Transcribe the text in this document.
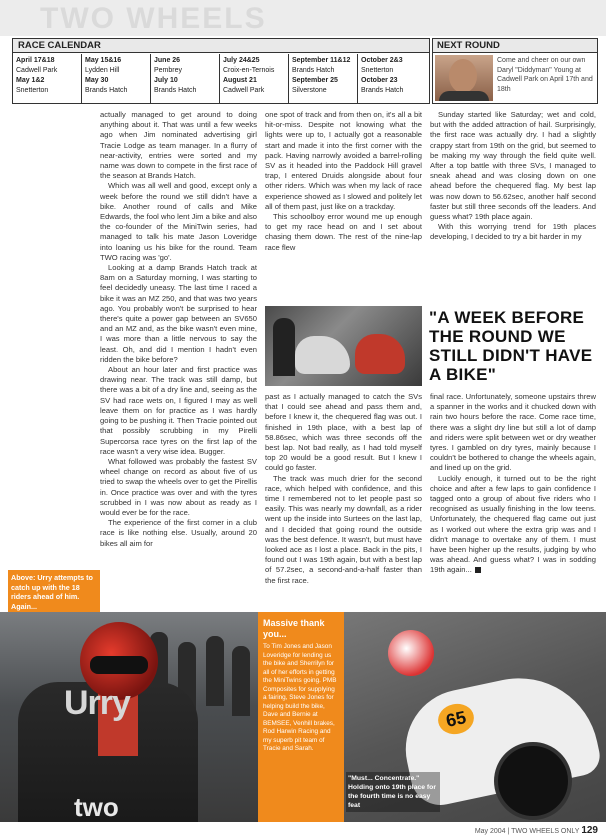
TWO WHEELS
RACE CALENDAR
April 17&18
Cadwell Park
May 1&2
Snetterton
May 15&16
Lydden Hill
May 30
Brands Hatch
June 26
Pembrey
July 10
Brands Hatch
July 24&25
Croix-en-Ternois
August 21
Cadwell Park
September 11&12
Brands Hatch
September 25
Silverstone
October 2&3
Snetterton
October 23
Brands Hatch
NEXT ROUND
Come and cheer on our own Daryl "Diddyman" Young at Cadwell Park on April 17th and 18th

actually managed to get around to doing anything about it. That was until a few weeks ago when Jim nominated advertising girl Tracie Lodge as team manager. In a flurry of near-activity, entries were sorted and my name was down to compete in the first race of the season at Brands Hatch.

Which was all well and good, except only a week before the round we still didn't have a bike. Another round of calls and Mike Edwards, the fool who lent Jim a bike and also the co-founder of the MiniTwin series, had managed to talk his mate Jason Loveridge into loaning us his bike for the round. Team TWO racing was 'go'.

Looking at a damp Brands Hatch track at 8am on a Saturday morning, I was starting to feel decidedly uneasy. The last time I raced a bike it was an MZ 250, and that was two years ago. You probably won't be surprised to hear there's quite a power gap between an SV650 and an MZ and, as the bike wasn't even mine, I was more than a little nervous to say the least. Oh, and did I mention I hadn't even ridden the bike before?

About an hour later and first practice was drawing near. The track was still damp, but there was a bit of a dry line and, seeing as the SV had race wets on, I figured I may as well leave them on for practice as I was hardly going to be pushing it. Then Tracie pointed out that possibly scrubbing in my Pirelli Supercorsa race tyres on the first lap of the race wasn't a very wise idea. Bugger.

What followed was probably the fastest SV wheel change on record as about five of us tried to swap the wheels over to get the Pirellis in. Once practice was over and with the tyres scrubbed in I was now about as ready as I would ever be for the race.

The experience of the first corner in a club race is like nothing else. Usually, around 20 bikes all aim for

one spot of track and from then on, it's all a bit hit-or-miss. Despite not knowing what the lights were up to, I actually got a reasonable start and made it into the first corner with the pack. Having narrowly avoided a barrel-rolling SV as it headed into the Paddock Hill gravel trap, I entered Druids alongside about four other riders. Which was when my lack of race experience showed as I slowed and politely let all of them past, just like on a trackday.

This schoolboy error wound me up enough to get my race head on and I set about chasing them down. The rest of the nine-lap race flew

Sunday started like Saturday; wet and cold, but with the added attraction of hail. Surprisingly, the first race was actually dry. I had a slightly crappy start from 19th on the grid, but seemed to be making my way through the field quite well. After a top battle with three SVs, I managed to sneak ahead and was closing down on one ahead before the chequered flag. My best lap was now down to 56.62sec, another half second faster but still three seconds off the leaders. And guess what? 19th place again.

With this worrying trend for 19th places developing, I decided to try a bit harder in my

"A WEEK BEFORE THE ROUND WE STILL DIDN'T HAVE A BIKE"

past as I actually managed to catch the SVs that I could see ahead and pass them and, before I knew it, the chequered flag was out. I finished in 19th place, with a best lap of 58.86sec, which was three seconds off the best lap. Not bad really, as I had told myself top 20 would be a good result. But I knew I could go faster.

The track was much drier for the second race, which helped with confidence, and this time I remembered not to let people past so easily. This was nearly my downfall, as a rider went up the inside into Surtees on the last lap, and I decided that going round the outside was the best defence. It wasn't, but must have looked ace as I lost a place. Back in the pits, I found out I was 19th again, but with a best lap of 57.2sec, a second-and-a-half faster than the first race.

final race. Unfortunately, someone upstairs threw a spanner in the works and it chucked down with rain two hours before the race. Come race time, there was a slight dry line but still a lot of damp and riders were split between wet or dry weather tyres. I gambled on dry tyres, mainly because I couldn't be bothered to change the wheels again, and lined up on the grid.

Luckily enough, it turned out to be the right choice and after a few laps to gain confidence I tagged onto a group of about five riders who I recognised as usually finishing in the low teens. Unfortunately, the chequered flag came out just as I worked out where the extra grip was and I didn't manage to overtake any of them. I must have been higher up the results, judging by who was ahead. And guess what? I was in sodding 19th again...

Above: Urry attempts to catch up with the 18 riders ahead of him. Again...
Urry
two
Massive thank you...
To Tim Jones and Jason Loveridge for lending us the bike and Sherrilyn for all of her efforts in getting the MiniTwins going. PMB Composites for supplying a fairing, Steve Jones for helping build the bike, Dave and Bernie at BEMSEE, Venhill brakes, Rod Harwin Racing and my superb pit team of Tracie and Sarah.
65
"Must... Concentrate." Holding onto 19th place for the fourth time is no easy feat
May 2004 | TWO WHEELS ONLY 129
